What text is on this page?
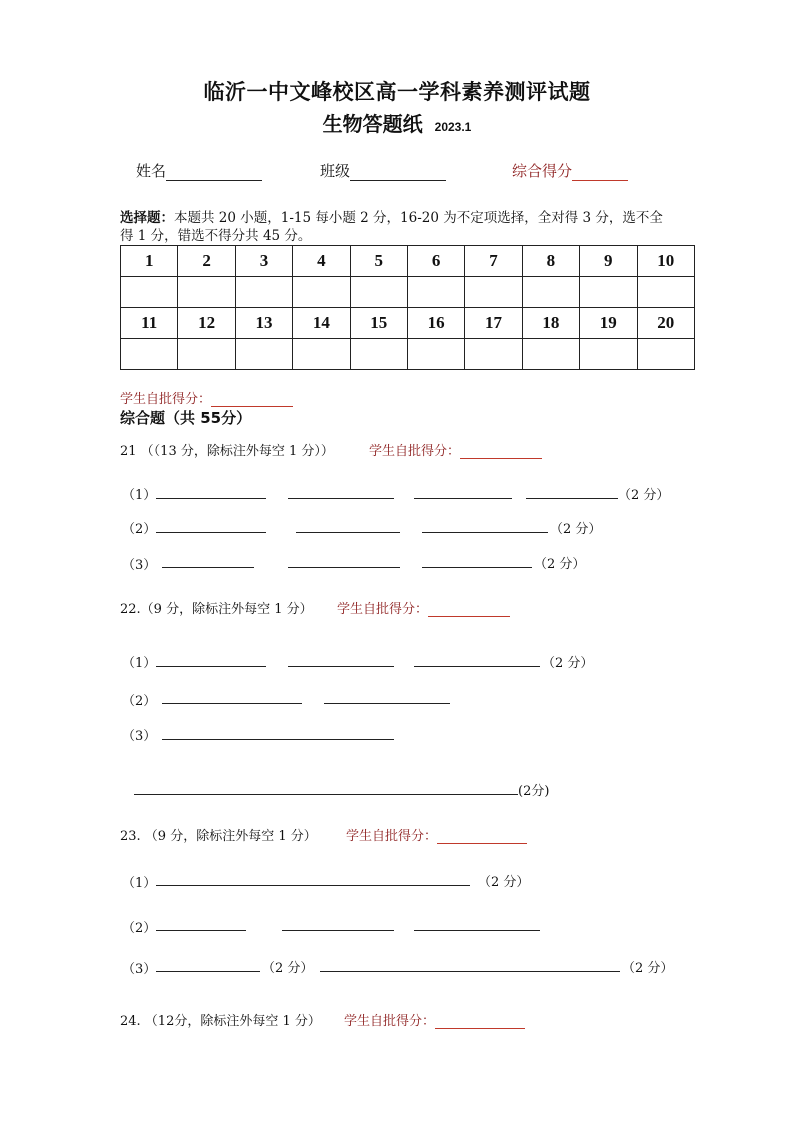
临沂一中文峰校区高一学科素养测评试题
生物答题纸 2023.1
姓名	班级	综合得分
选择题：本题共 20 小题，1-15 每小题 2 分，16-20 为不定项选择，全对得 3 分，选不全
得 1 分，错选不得分共 45 分。
1	2	3	4	5	6	7	8	9	10

11	12	13	14	15	16	17	18	19	20

学生自批得分：
综合题（共 55分）
21 （（13 分，除标注外每空 1 分））	学生自批得分：
（1）	（2 分）
（2）	（2 分）
（3）	（2 分）
22.（9 分，除标注外每空 1 分） 学生自批得分：
（1）	（2 分）
（2）
（3）
(2分)
23. （9 分，除标注外每空 1 分） 学生自批得分：
（1）	（2 分）
（2）
（3）	（2 分）	（2 分）
24. （12分，除标注外每空 1 分） 学生自批得分：
